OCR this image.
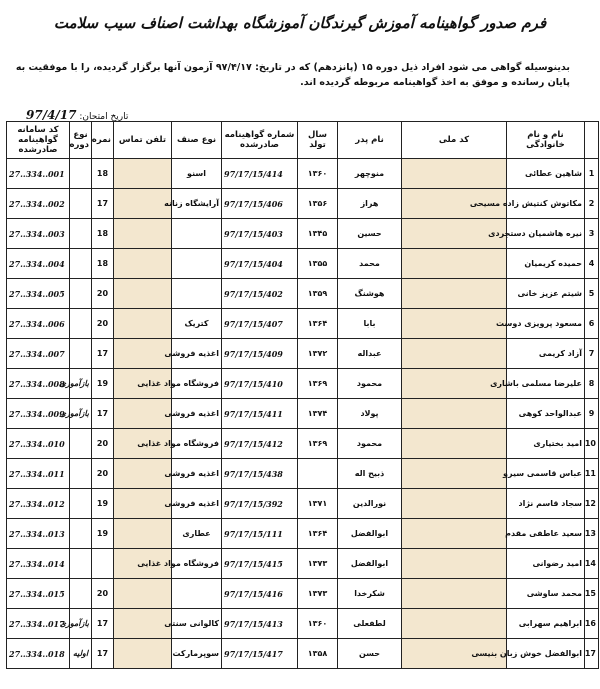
فرم صدور گواهینامه آموزش گیرندگان آموزشگاه بهداشت اصناف سیب سلامت
بدینوسیله گواهی می شود افراد ذیل دوره ۱۵ (پانزدهم) که در تاریخ: ۹۷/۴/۱۷ آزمون آنها برگزار گردیده، را با موفقیت به پایان رسانده و موفق به اخذ گواهینامه مربوطه گردیده اند.
تاریخ امتحان: 97/4/17
	نام و نام خانوادگی	کد ملی	نام پدر	سال تولد	شماره گواهینامه صادرشده	نوع صنف	تلفن تماس	نمره	نوع دوره	کد سامانه گواهینامه صادرشده
1	شاهین عطائی		منوچهر	۱۳۶۰	97/17/15/414	اسنو		18		27..334..001
2	مکاتوش کنتیش زاده مسیحی		هراز	۱۳۵۶	97/17/15/406	آرایشگاه زنانه		17		27..334..002
3	نیره هاشمیان دستجردی		حسین	۱۳۴۵	97/17/15/403			18		27..334..003
4	حمیده کریمیان		محمد	۱۳۵۵	97/17/15/404			18		27..334..004
5	شیتم عزیز خانی		هوشنگ	۱۳۵۹	97/17/15/402			20		27..334..005
6	مسعود پرویزی دوست		بابا	۱۳۶۴	97/17/15/407	کتریک		20		27..334..006
7	آزاد کریمی		عبداله	۱۳۷۲	97/17/15/409	اغذیه فروشی		17		27..334..007
8	علیرضا مسلمی باشاری		محمود	۱۳۶۹	97/17/15/410	فروشگاه مواد غذایی		19	بازآموزی	27..334..008
9	عبدالواحد کوهی		پولاد	۱۳۷۴	97/17/15/411	اغذیه فروشی		17	بازآموزی	27..334..009
10	امید بختیاری		محمود	۱۳۶۹	97/17/15/412	فروشگاه مواد غذایی		20		27..334..010
11	عباس قاسمی سیرو		ذبیح اله		97/17/15/438	اغذیه فروشی		20		27..334..011
12	سجاد قاسم نژاد		نورالدین	۱۳۷۱	97/17/15/392	اغذیه فروشی		19		27..334..012
13	سعید عاطفی مقدم		ابوالفضل	۱۳۶۴	97/17/15/111	عطاری		19		27..334..013
14	امید رضوانی		ابوالفضل	۱۳۷۳	97/17/15/415	فروشگاه مواد غذایی				27..334..014
15	محمد ساوشی		شکرخدا	۱۳۷۳	97/17/15/416			20		27..334..015
16	ابراهیم سهرابی		لطفعلی	۱۳۶۰	97/17/15/413	کالوانی سنتی		17	بازآموزی	27..334..017
17	ابوالفضل خوش زبان بنیسی		حسن	۱۳۵۸	97/17/15/417	سوپرمارکت		17	اولیه	27..334..018
